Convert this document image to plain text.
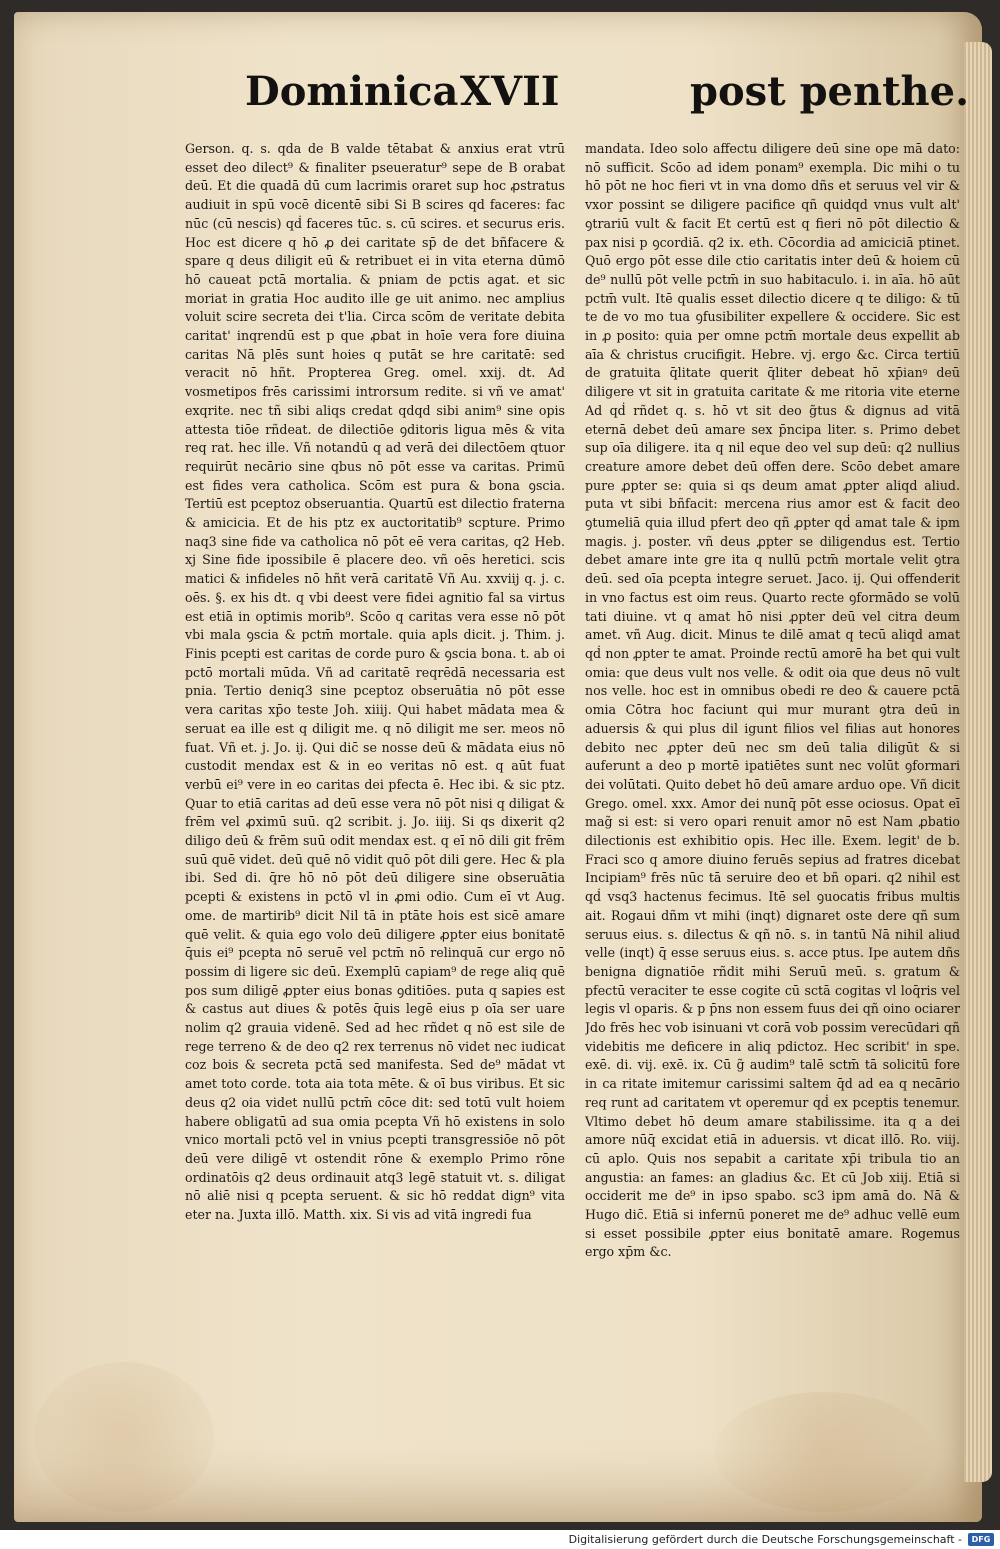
Dominica XVII	post penthe.

Gerson. q. s. qda de B valde tētabat & anxius erat vtrū esset deo dilect⁹ & finaliter pseueratur⁹ sepe de B orabat deū. Et die quadā dū cum lacrimis oraret sup hoc ꝓstratus audiuit in spū vocē dicentē sibi Si B scires qd faceres: fac nūc (cū nescis) qḋ faceres tūc. s. cū scires. et securus eris. Hoc est dicere q hō ꝓ dei caritate sp̄ de det bñfacere & spare q deus diligit eū & retribuet ei in vita eterna dūmō hō caueat pctā mortalia. & pniam de pctis agat. et sic moriat in gratia Hoc audito ille ge uit animo. nec amplius voluit scire secreta dei t'lia. Circa scōm de veritate debita caritat' inqrendū est p que ꝓbat in hoīe vera fore diuina caritas Nā plēs sunt hoies q putāt se hre caritatē: sed veracit nō hñt. Propterea Greg. omel. xxij. dt. Ad vosmetipos frēs carissimi introrsum redite. si vñ ve amat' exqrite. nec tñ sibi aliqs credat qdqd sibi anim⁹ sine opis attesta tiōe rñdeat. de dilectiōe ꝯditoris ligua mēs & vita req rat. hec ille. Vñ notandū q ad verā dei dilectōem qtuor requirūt necārio sine qbus nō pōt esse va caritas. Primū est fides vera catholica. Scōm est pura & bona ꝯscia. Tertiū est pceptoz obseruantia. Quartū est dilectio fraterna & amicicia. Et de his ptz ex auctoritatib⁹ scpture. Primo naq3 sine fide va catholica nō pōt eē vera caritas, q2 Heb. xj Sine fide ipossibile ē placere deo. vñ oēs heretici. scis matici & infideles nō hñt verā caritatē Vñ Au. xxviij q. j. c. oēs. §. ex his dt. q vbi deest vere fidei agnitio fal sa virtus est etiā in optimis morib⁹. Scōo q caritas vera esse nō pōt vbi mala ꝯscia & pctm̄ mortale. quia apls dicit. j. Thim. j. Finis pcepti est caritas de corde puro & ꝯscia bona. t. ab oi pctō mortali mūda. Vñ ad caritatē reqrēdā necessaria est pnia. Tertio deniq3 sine pceptoz obseruātia nō pōt esse vera caritas xp̄o teste Joh. xiiij. Qui habet mādata mea & seruat ea ille est q diligit me. q nō diligit me ser. meos nō fuat. Vñ et. j. Jo. ij. Qui dic̄ se nosse deū & mādata eius nō custodit mendax est & in eo veritas nō est. q aūt fuat verbū ei⁹ vere in eo caritas dei pfecta ē. Hec ibi. & sic ptz. Quar to etiā caritas ad deū esse vera nō pōt nisi q diligat & frēm vel ꝓximū suū. q2 scribit. j. Jo. iiij. Si qs dixerit q2 diligo deū & frēm suū odit mendax est. q eī nō dili git frēm suū quē videt. deū quē nō vidit quō pōt dili gere. Hec & pla ibi. Sed di. q̄re hō nō pōt deū diligere sine obseruātia pcepti & existens in pctō vl in ꝓmi odio. Cum eī vt Aug. ome. de martirib⁹ dicit Nil tā in ptāte hois est sicē amare quē velit. & quia ego volo deū diligere ꝓpter eius bonitatē q̄uis ei⁹ pcepta nō seruē vel pctm̄ nō relinquā cur ergo nō possim di ligere sic deū. Exemplū capiam⁹ de rege aliq quē pos sum diligē ꝓpter eius bonas ꝯditiōes. puta q sapies est & castus aut diues & potēs q̄uis legē eius p oīa ser uare nolim q2 grauia videnē. Sed ad hec rñdet q nō est sile de rege terreno & de deo q2 rex terrenus nō videt nec iudicat coz bois & secreta pctā sed manifesta. Sed de⁹ mādat vt amet toto corde. tota aia tota mēte. & oī bus viribus. Et sic deus q2 oia videt nullū pctm̄ cōce dit: sed totū vult hoiem habere obligatū ad sua omia pcepta Vñ hō existens in solo vnico mortali pctō vel in vnius pcepti transgressiōe nō pōt deū vere diligē vt ostendit rōne & exemplo Primo rōne ordinatōis q2 deus ordinauit atq3 legē statuit vt. s. diligat nō aliē nisi q pcepta seruent. & sic hō reddat dign⁹ vita eter na. Juxta illō. Matth. xix. Si vis ad vitā ingredi fua

mandata. Ideo solo affectu diligere deū sine ope mā dato: nō sufficit. Scōo ad idem ponam⁹ exempla. Dic mihi o tu hō pōt ne hoc fieri vt in vna domo dñs et seruus vel vir & vxor possint se diligere pacifice qñ quidqd vnus vult alt' ꝯtrariū vult & facit Et certū est q fieri nō pōt dilectio & pax nisi p ꝯcordiā. q2 ix. eth. Cōcordia ad amiciciā ptinet. Quō ergo pōt esse dile ctio caritatis inter deū & hoiem cū de⁹ nullū pōt velle pctm̄ in suo habitaculo. i. in aīa. hō aūt pctm̄ vult. Itē qualis esset dilectio dicere q te diligo: & tū te de vo mo tua ꝯfusibiliter expellere & occidere. Sic est in ꝓ posito: quia per omne pctm̄ mortale deus expellit ab aīa & christus crucifigit. Hebre. vj. ergo &c. Circa tertiū de gratuita q̄litate querit q̄liter debeat hō xp̄ianꝰ deū diligere vt sit in gratuita caritate & me ritoria vite eterne Ad qḋ rñdet q. s. hō vt sit deo g̃tus & dignus ad vitā eternā debet deū amare sex p̄ncipa liter. s. Primo debet sup oīa diligere. ita q nil eque deo vel sup deū: q2 nullius creature amore debet deū offen dere. Scōo debet amare pure ꝓpter se: quia si qs deum amat ꝓpter aliqd aliud. puta vt sibi bñfacit: mercena rius amor est & facit deo ꝯtumeliā quia illud pfert deo qñ ꝓpter qḋ amat tale & ipm magis. j. poster. vñ deus ꝓpter se diligendus est. Tertio debet amare inte gre ita q nullū pctm̄ mortale velit ꝯtra deū. sed oīa pcepta integre seruet. Jaco. ij. Qui offenderit in vno factus est oim reus. Quarto recte ꝯformādo se volū tati diuine. vt q amat hō nisi ꝓpter deū vel citra deum amet. vñ Aug. dicit. Minus te dilē amat q tecū aliqd amat qḋ non ꝓpter te amat. Proinde rectū amorē ha bet qui vult omia: que deus vult nos velle. & odit oia que deus nō vult nos velle. hoc est in omnibus obedi re deo & cauere pctā omia Cōtra hoc faciunt qui mur murant ꝯtra deū in aduersis & qui plus dil igunt filios vel filias aut honores debito nec ꝓpter deū nec sm deū talia diligūt & si auferunt a deo p mortē ipatiētes sunt nec volūt ꝯformari dei volūtati. Quito debet hō deū amare arduo ope. Vñ dicit Grego. omel. xxx. Amor dei nunq̄ pōt esse ociosus. Opat eī mag̃ si est: si vero opari renuit amor nō est Nam ꝓbatio dilectionis est exhibitio opis. Hec ille. Exem. legit' de b. Fraci sco q amore diuino feruēs sepius ad fratres dicebat Incipiam⁹ frēs nūc tā seruire deo et bñ opari. q2 nihil est qḋ vsq3 hactenus fecimus. Itē sel ꝯuocatis fribus multis ait. Rogaui dñm vt mihi (inqt) dignaret oste dere qñ sum seruus eius. s. dilectus & qñ nō. s. in tantū Nā nihil aliud velle (inqt) q̄ esse seruus eius. s. acce ptus. Ipe autem dñs benigna dignatiōe rñdit mihi Seruū meū. s. gratum & pfectū veraciter te esse cogite cū sctā cogitas vl loq̄ris vel legis vl oparis. & p p̄ns non essem fuus dei qñ oino ociarer Jdo frēs hec vob isinuani vt corā vob possim verecūdari qñ videbitis me deficere in aliq pdictoz. Hec scribit' in spe. exē. di. vij. exē. ix. Cū g̃ audim⁹ talē sctm̄ tā solicitū fore in ca ritate imitemur carissimi saltem q̄d ad ea q necārio req runt ad caritatem vt operemur qḋ ex pceptis tenemur. Vltimo debet hō deum amare stabilissime. ita q a dei amore nūq̄ excidat etiā in aduersis. vt dicat illō. Ro. viij. cū aplo. Quis nos sepabit a caritate xp̄i tribula tio an angustia: an fames: an gladius &c. Et cū Job xiij. Etiā si occiderit me de⁹ in ipso spabo. sc3 ipm amā do. Nā & Hugo dic̄. Etiā si infernū poneret me de⁹ adhuc vellē eum si esset possibile ꝓpter eius bonitatē amare. Rogemus ergo xp̄m &c.

Digitalisierung gefördert durch die Deutsche Forschungsgemeinschaft -	DFG
